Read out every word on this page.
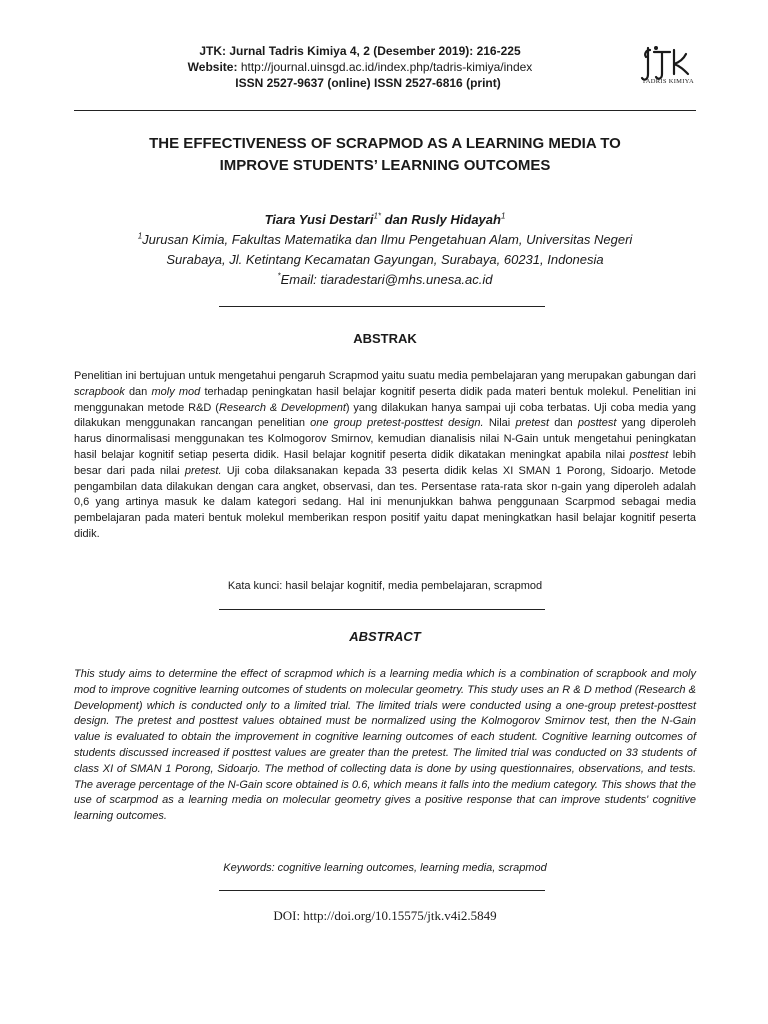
JTK: Jurnal Tadris Kimiya 4, 2 (Desember 2019): 216-225
Website: http://journal.uinsgd.ac.id/index.php/tadris-kimiya/index
ISSN 2527-9637 (online) ISSN 2527-6816 (print)	TADRIS KIMIYA
THE EFFECTIVENESS OF SCRAPMOD AS A LEARNING MEDIA TO
IMPROVE STUDENTS’ LEARNING OUTCOMES
Tiara Yusi Destari$^{1*}$ dan Rusly Hidayah$^1$
$^1$Jurusan Kimia, Fakultas Matematika dan Ilmu Pengetahuan Alam, Universitas Negeri
Surabaya, Jl. Ketintang Kecamatan Gayungan, Surabaya, 60231, Indonesia
*Email: tiaradestari@mhs.unesa.ac.id
ABSTRAK
Penelitian ini bertujuan untuk mengetahui pengaruh Scrapmod yaitu suatu media pembelajaran yang merupakan gabungan dari scrapbook dan moly mod terhadap peningkatan hasil belajar kognitif peserta didik pada materi bentuk molekul. Penelitian ini menggunakan metode R&D (Research & Development) yang dilakukan hanya sampai uji coba terbatas. Uji coba media yang dilakukan menggunakan rancangan penelitian one group pretest-posttest design. Nilai pretest dan posttest yang diperoleh harus dinormalisasi menggunakan tes Kolmogorov Smirnov, kemudian dianalisis nilai N-Gain untuk mengetahui peningkatan hasil belajar kognitif setiap peserta didik. Hasil belajar kognitif peserta didik dikatakan meningkat apabila nilai posttest lebih besar dari pada nilai pretest. Uji coba dilaksanakan kepada 33 peserta didik kelas XI SMAN 1 Porong, Sidoarjo. Metode pengambilan data dilakukan dengan cara angket, observasi, dan tes. Persentase rata-rata skor n-gain yang diperoleh adalah 0,6 yang artinya masuk ke dalam kategori sedang. Hal ini menunjukkan bahwa penggunaan Scarpmod sebagai media pembelajaran pada materi bentuk molekul memberikan respon positif yaitu dapat meningkatkan hasil belajar kognitif peserta didik.
Kata kunci: hasil belajar kognitif, media pembelajaran, scrapmod
ABSTRACT
This study aims to determine the effect of scrapmod which is a learning media which is a combination of scrapbook and moly mod to improve cognitive learning outcomes of students on molecular geometry. This study uses an R & D method (Research & Development) which is conducted only to a limited trial. The limited trials were conducted using a one-group pretest-posttest design. The pretest and posttest values obtained must be normalized using the Kolmogorov Smirnov test, then the N-Gain value is evaluated to obtain the improvement in cognitive learning outcomes of each student. Cognitive learning outcomes of students discussed increased if posttest values are greater than the pretest. The limited trial was conducted on 33 students of class XI of SMAN 1 Porong, Sidoarjo. The method of collecting data is done by using questionnaires, observations, and tests. The average percentage of the N-Gain score obtained is 0.6, which means it falls into the medium category. This shows that the use of scarpmod as a learning media on molecular geometry gives a positive response that can improve students' cognitive learning outcomes.
Keywords: cognitive learning outcomes, learning media, scrapmod
DOI: http://doi.org/10.15575/jtk.v4i2.5849
